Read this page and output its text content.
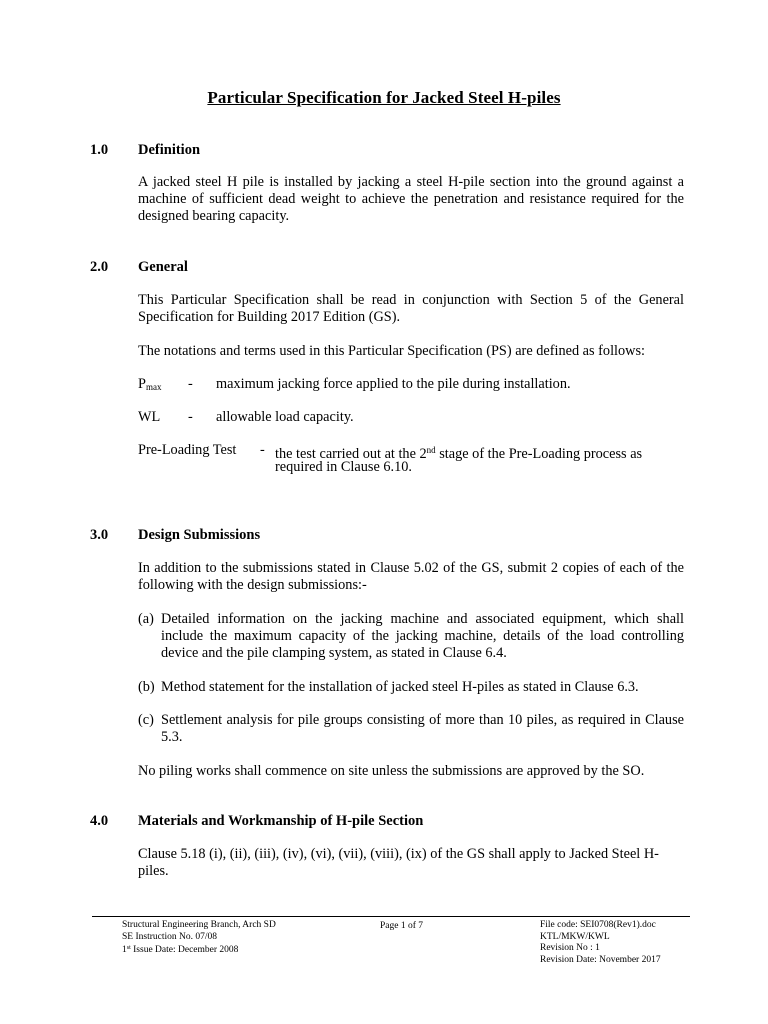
Particular Specification for Jacked Steel H-piles
1.0 Definition
A jacked steel H pile is installed by jacking a steel H-pile section into the ground against a machine of sufficient dead weight to achieve the penetration and resistance required for the designed bearing capacity.
2.0 General
This Particular Specification shall be read in conjunction with Section 5 of the General Specification for Building 2017 Edition (GS).
The notations and terms used in this Particular Specification (PS) are defined as follows:
$P_{max}$ - maximum jacking force applied to the pile during installation.
WL - allowable load capacity.
Pre-Loading Test - the test carried out at the 2nd stage of the Pre-Loading process as
required in Clause 6.10.
3.0 Design Submissions
In addition to the submissions stated in Clause 5.02 of the GS, submit 2 copies of each of the following with the design submissions:-
(a) Detailed information on the jacking machine and associated equipment, which shall include the maximum capacity of the jacking machine, details of the load controlling device and the pile clamping system, as stated in Clause 6.4.
(b) Method statement for the installation of jacked steel H-piles as stated in Clause 6.3.
(c) Settlement analysis for pile groups consisting of more than 10 piles, as required in Clause 5.3.
No piling works shall commence on site unless the submissions are approved by the SO.
4.0 Materials and Workmanship of H-pile Section
Clause 5.18 (i), (ii), (iii), (iv), (vi), (vii), (viii), (ix) of the GS shall apply to Jacked Steel H-piles.
Structural Engineering Branch, Arch SD
SE Instruction No. 07/08
1st Issue Date: December 2008
Page 1 of 7	File code: SEI0708(Rev1).doc
KTL/MKW/KWL
Revision No : 1
Revision Date: November 2017
